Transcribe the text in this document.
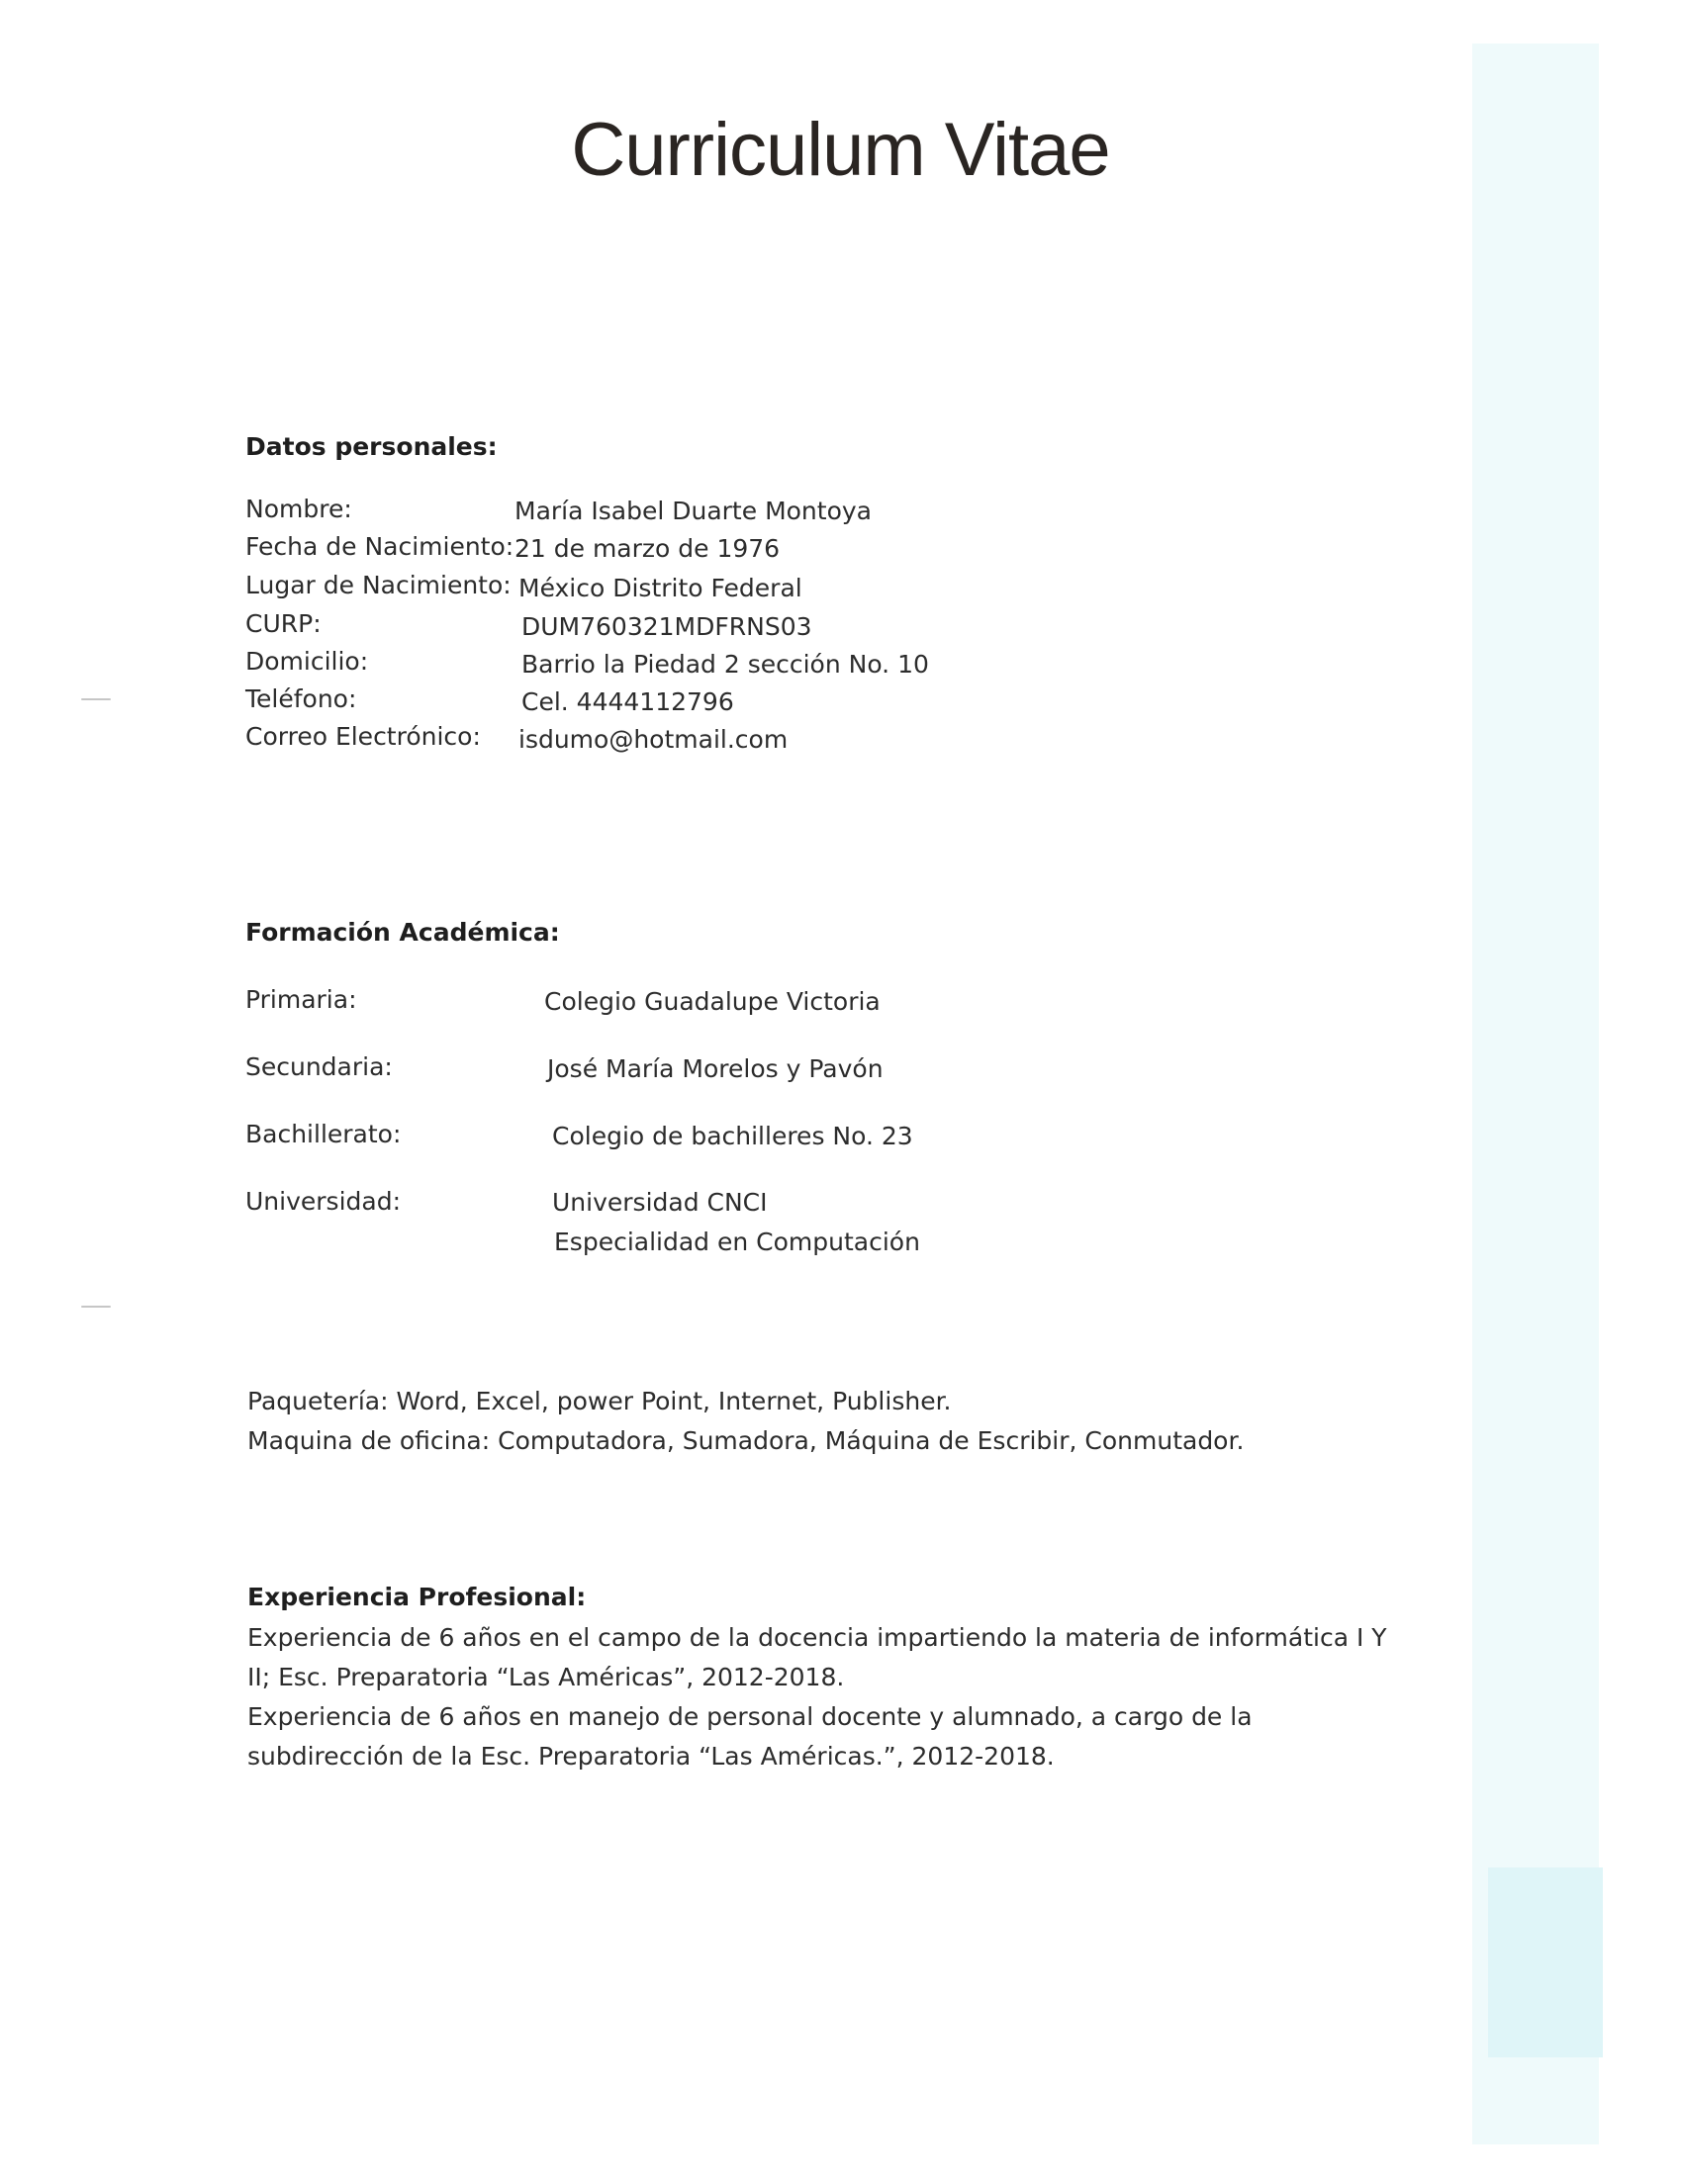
Curriculum Vitae
Datos personales:
Nombre:	María Isabel Duarte Montoya
Fecha de Nacimiento: 21 de marzo de 1976
Lugar de Nacimiento: México Distrito Federal
CURP:	DUM760321MDFRNS03
Domicilio:	Barrio la Piedad 2 sección No. 10
Teléfono:	Cel. 4444112796
Correo Electrónico: isdumo@hotmail.com
Formación Académica:
Primaria:	Colegio Guadalupe Victoria
Secundaria:	José María Morelos y Pavón
Bachillerato:	Colegio de bachilleres No. 23
Universidad:	Universidad CNCI
Especialidad en Computación
Paquetería: Word, Excel, power Point, Internet, Publisher.
Maquina de oficina: Computadora, Sumadora, Máquina de Escribir, Conmutador.
Experiencia Profesional:

Experiencia de 6 años en el campo de la docencia impartiendo la materia de informática I Y II; Esc. Preparatoria “Las Américas”, 2012-2018.

Experiencia de 6 años en manejo de personal docente y alumnado, a cargo de la subdirección de la Esc. Preparatoria “Las Américas.”, 2012-2018.
